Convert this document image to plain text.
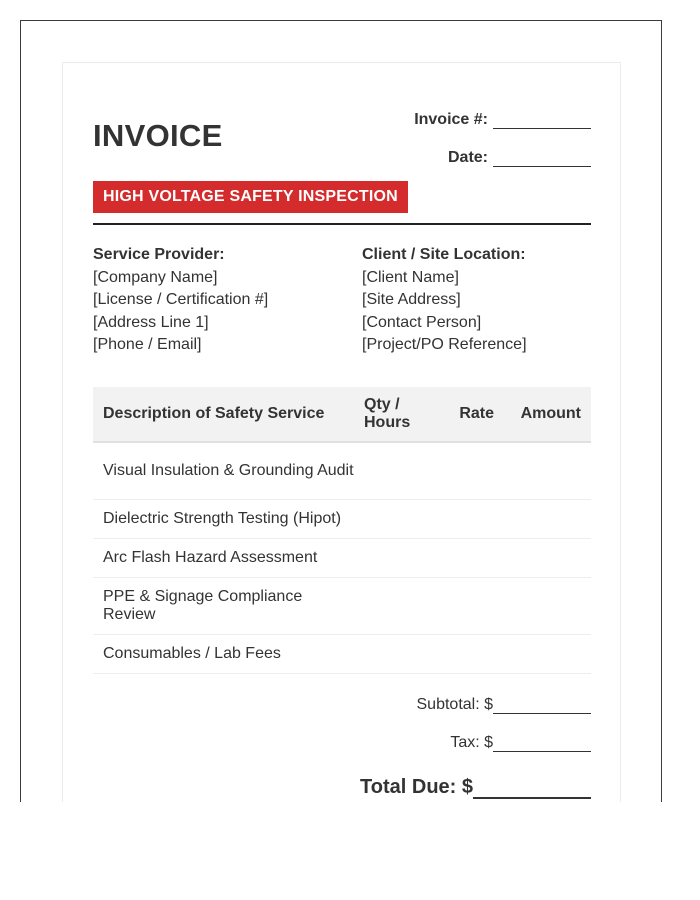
INVOICE	Invoice #:
Date:
HIGH VOLTAGE SAFETY INSPECTION
Service Provider:
[Company Name]
[License / Certification #]
[Address Line 1]
[Phone / Email]
Client / Site Location:
[Client Name]
[Site Address]
[Contact Person]
[Project/PO Reference]
Description of Safety Service
Qty / Hours
Rate	Amount
Visual Insulation & Grounding Audit
Dielectric Strength Testing (Hipot)
Arc Flash Hazard Assessment
PPE & Signage Compliance Review
Consumables / Lab Fees
Subtotal: $
Tax: $
Total Due: $
